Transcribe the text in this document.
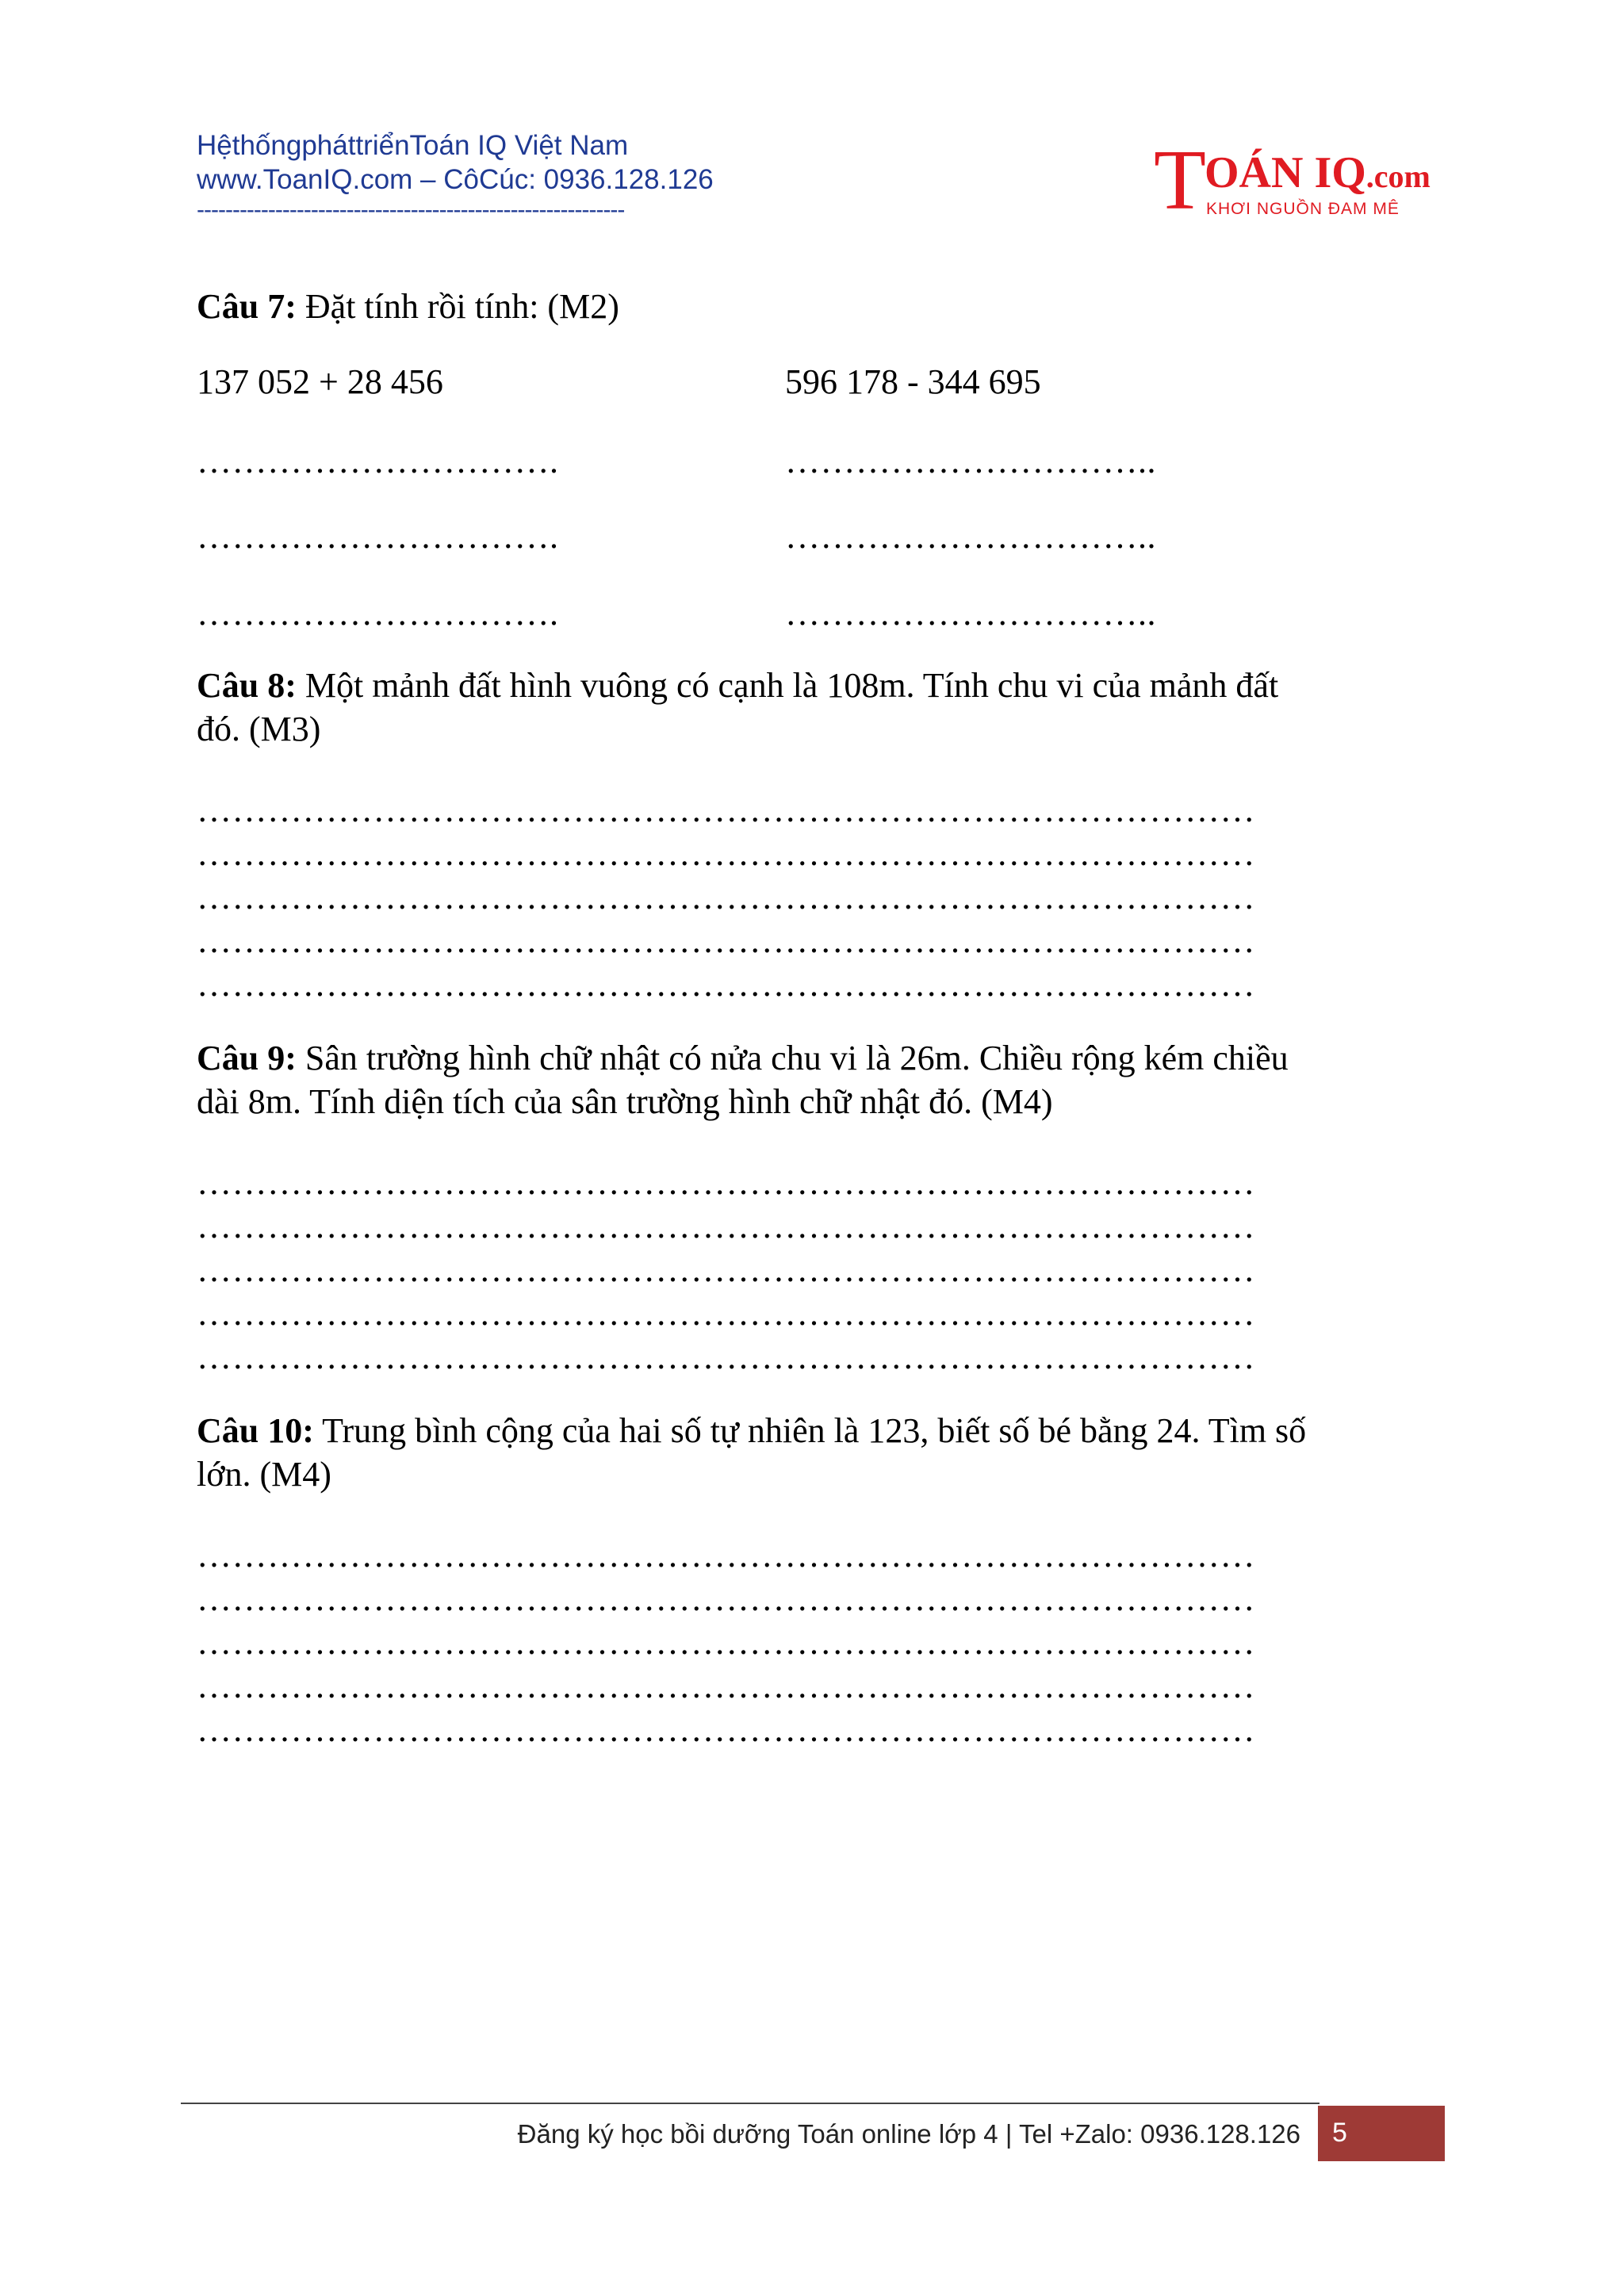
HệthốngpháttriểnToán IQ Việt Nam
www.ToanIQ.com – CôCúc: 0936.128.126
------------------------------------------------------------	T
OÁN IQ.com
KHƠI NGUỒN ĐAM MÊ
Câu 7: Đặt tính rồi tính: (M2)
137 052 + 28 456	596 178 - 344 695
………………………….	…………………………..
………………………….	…………………………..
………………………….	…………………………..
Câu 8: Một mảnh đất hình vuông có cạnh là 108m. Tính chu vi của mảnh đất
đó. (M3)
………………………………………………………………………………
………………………………………………………………………………
………………………………………………………………………………
………………………………………………………………………………
………………………………………………………………………………
Câu 9: Sân trường hình chữ nhật có nửa chu vi là 26m. Chiều rộng kém chiều
dài 8m. Tính diện tích của sân trường hình chữ nhật đó. (M4)
………………………………………………………………………………
………………………………………………………………………………
………………………………………………………………………………
………………………………………………………………………………
………………………………………………………………………………
Câu 10: Trung bình cộng của hai số tự nhiên là 123, biết số bé bằng 24. Tìm số
lớn. (M4)
………………………………………………………………………………
………………………………………………………………………………
………………………………………………………………………………
………………………………………………………………………………
………………………………………………………………………………
Đăng ký học bồi dưỡng Toán online lớp 4 | Tel +Zalo: 0936.128.126 5
